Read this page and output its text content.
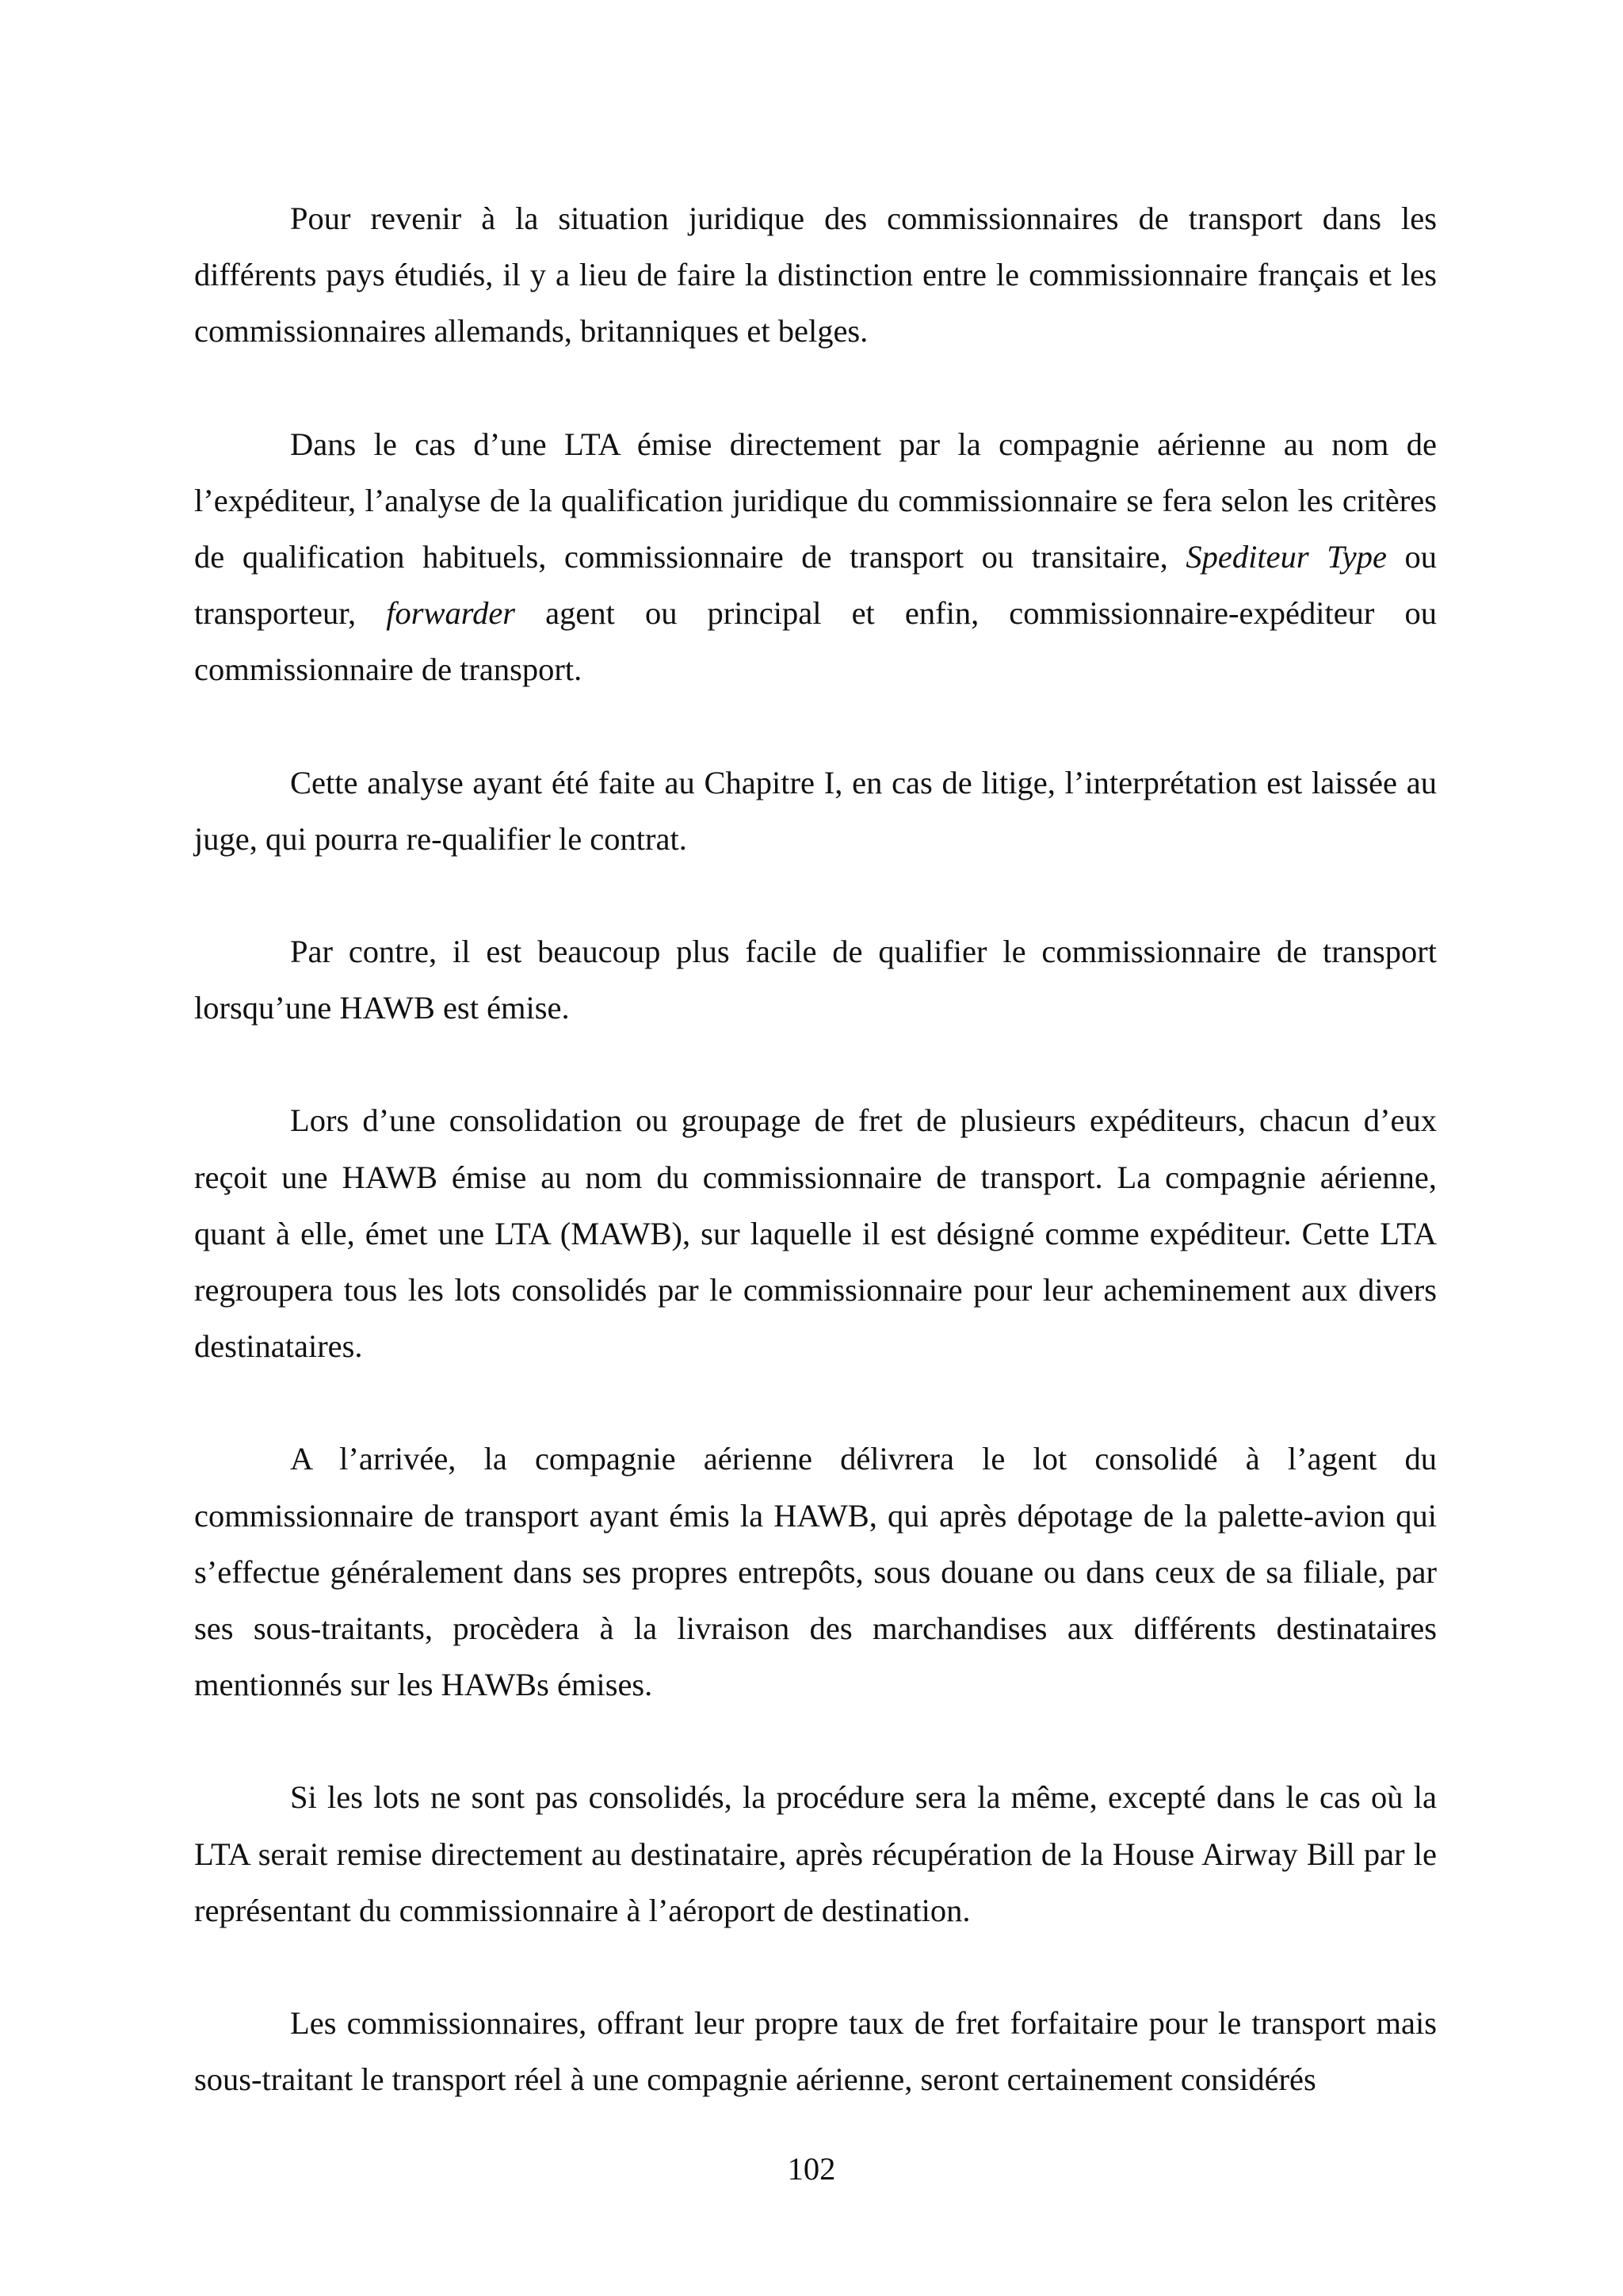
Pour revenir à la situation juridique des commissionnaires de transport dans les différents pays étudiés, il y a lieu de faire la distinction entre le commissionnaire français et les commissionnaires allemands, britanniques et belges.

Dans le cas d’une LTA émise directement par la compagnie aérienne au nom de l’expéditeur, l’analyse de la qualification juridique du commissionnaire se fera selon les critères de qualification habituels, commissionnaire de transport ou transitaire, Spediteur Type ou transporteur, forwarder agent ou principal et enfin, commissionnaire-expéditeur ou commissionnaire de transport.

Cette analyse ayant été faite au Chapitre I, en cas de litige, l’interprétation est laissée au juge, qui pourra re-qualifier le contrat.

Par contre, il est beaucoup plus facile de qualifier le commissionnaire de transport lorsqu’une HAWB est émise.

Lors d’une consolidation ou groupage de fret de plusieurs expéditeurs, chacun d’eux reçoit une HAWB émise au nom du commissionnaire de transport. La compagnie aérienne, quant à elle, émet une LTA (MAWB), sur laquelle il est désigné comme expéditeur. Cette LTA regroupera tous les lots consolidés par le commissionnaire pour leur acheminement aux divers destinataires.

A l’arrivée, la compagnie aérienne délivrera le lot consolidé à l’agent du commissionnaire de transport ayant émis la HAWB, qui après dépotage de la palette-avion qui s’effectue généralement dans ses propres entrepôts, sous douane ou dans ceux de sa filiale, par ses sous-traitants, procèdera à la livraison des marchandises aux différents destinataires mentionnés sur les HAWBs émises.

Si les lots ne sont pas consolidés, la procédure sera la même, excepté dans le cas où la LTA serait remise directement au destinataire, après récupération de la House Airway Bill par le représentant du commissionnaire à l’aéroport de destination.

Les commissionnaires, offrant leur propre taux de fret forfaitaire pour le transport mais sous-traitant le transport réel à une compagnie aérienne, seront certainement considérés

102
